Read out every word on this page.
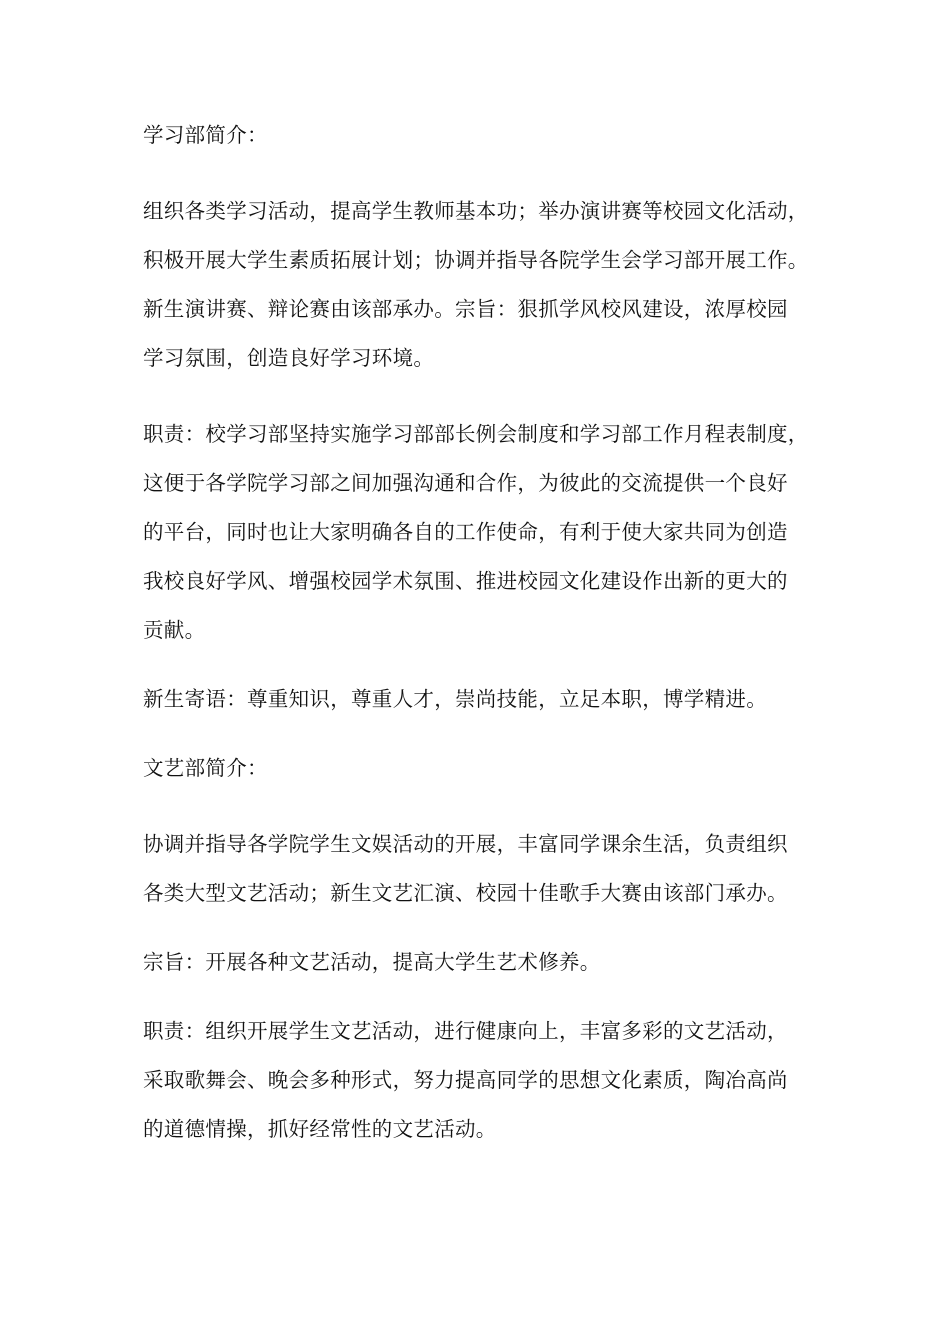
学习部简介：

组织各类学习活动，提高学生教师基本功；举办演讲赛等校园文化活动，
积极开展大学生素质拓展计划；协调并指导各院学生会学习部开展工作。
新生演讲赛、辩论赛由该部承办。宗旨：狠抓学风校风建设，浓厚校园
学习氛围，创造良好学习环境。

职责：校学习部坚持实施学习部部长例会制度和学习部工作月程表制度，
这便于各学院学习部之间加强沟通和合作，为彼此的交流提供一个良好
的平台，同时也让大家明确各自的工作使命，有利于使大家共同为创造
我校良好学风、增强校园学术氛围、推进校园文化建设作出新的更大的
贡献。

新生寄语：尊重知识，尊重人才，崇尚技能，立足本职，博学精进。

文艺部简介：

协调并指导各学院学生文娱活动的开展，丰富同学课余生活，负责组织
各类大型文艺活动；新生文艺汇演、校园十佳歌手大赛由该部门承办。

宗旨：开展各种文艺活动，提高大学生艺术修养。

职责：组织开展学生文艺活动，进行健康向上，丰富多彩的文艺活动，
采取歌舞会、晚会多种形式，努力提高同学的思想文化素质，陶冶高尚
的道德情操，抓好经常性的文艺活动。
